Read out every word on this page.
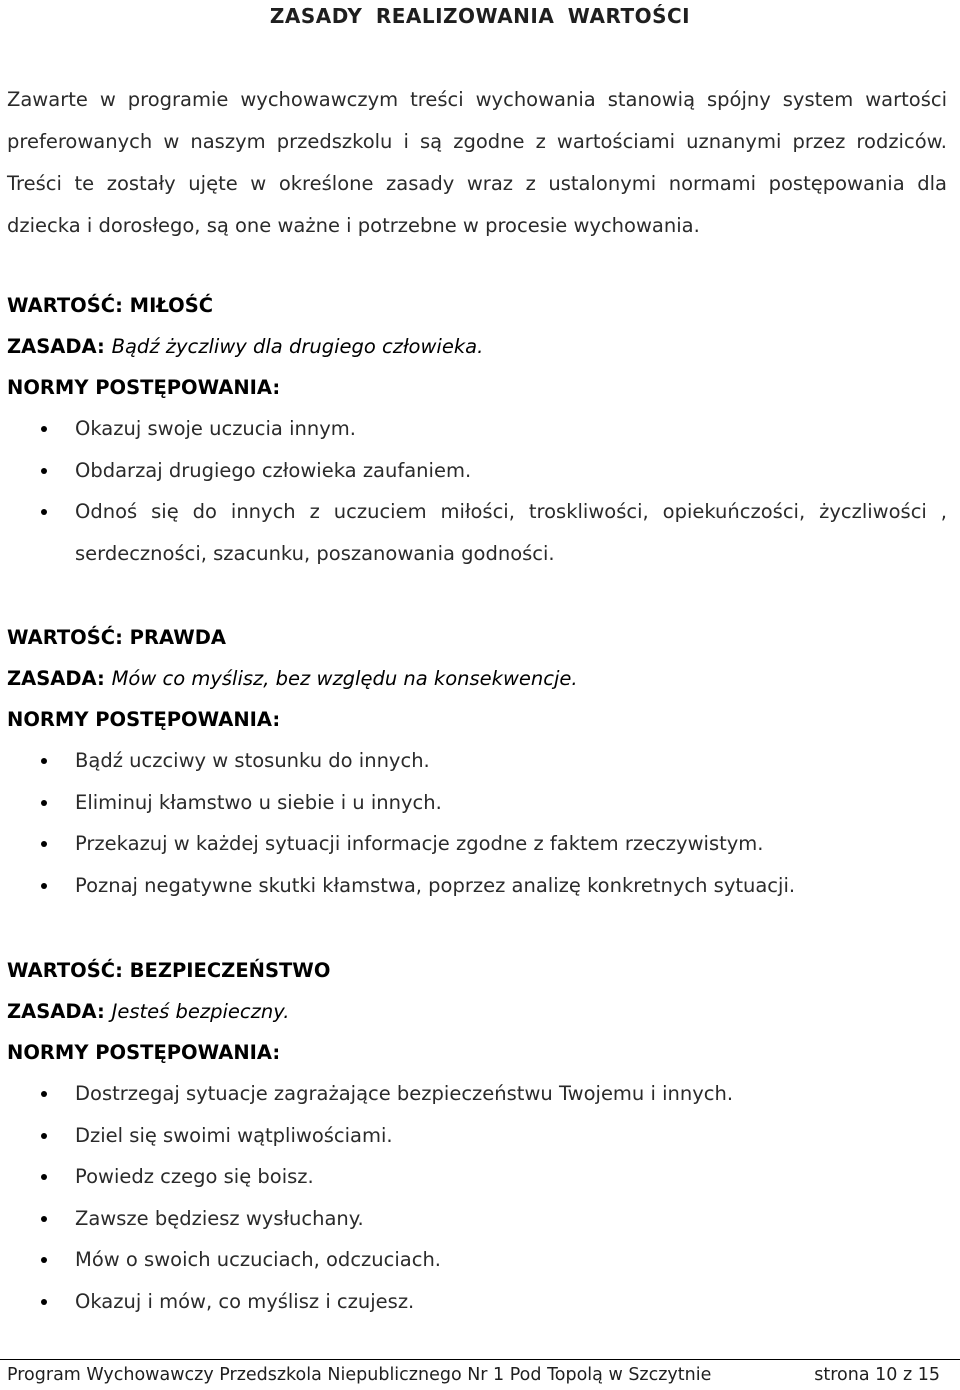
ZASADY REALIZOWANIA WARTOŚCI
Zawarte w programie wychowawczym treści wychowania stanowią spójny system wartości preferowanych w naszym przedszkolu i są zgodne z wartościami uznanymi przez rodziców. Treści te zostały ujęte w określone zasady wraz z ustalonymi normami postępowania dla dziecka i dorosłego, są one ważne i potrzebne w procesie wychowania.
WARTOŚĆ: MIŁOŚĆ
ZASADA: Bądź życzliwy dla drugiego człowieka.
NORMY POSTĘPOWANIA:
Okazuj swoje uczucia innym.
Obdarzaj drugiego człowieka zaufaniem.
Odnoś się do innych z uczuciem miłości, troskliwości, opiekuńczości, życzliwości , serdeczności, szacunku, poszanowania godności.
WARTOŚĆ: PRAWDA
ZASADA: Mów co myślisz, bez względu na konsekwencje.
NORMY POSTĘPOWANIA:
Bądź uczciwy w stosunku do innych.
Eliminuj kłamstwo u siebie i u innych.
Przekazuj w każdej sytuacji informacje zgodne z faktem rzeczywistym.
Poznaj negatywne skutki kłamstwa, poprzez analizę konkretnych sytuacji.
WARTOŚĆ: BEZPIECZEŃSTWO
ZASADA: Jesteś bezpieczny.
NORMY POSTĘPOWANIA:
Dostrzegaj sytuacje zagrażające bezpieczeństwu Twojemu i innych.
Dziel się swoimi wątpliwościami.
Powiedz czego się boisz.
Zawsze będziesz wysłuchany.
Mów o swoich uczuciach, odczuciach.
Okazuj i mów, co myślisz i czujesz.
Program Wychowawczy Przedszkola Niepublicznego Nr 1 Pod Topolą w Szczytnie	strona 10 z 15
